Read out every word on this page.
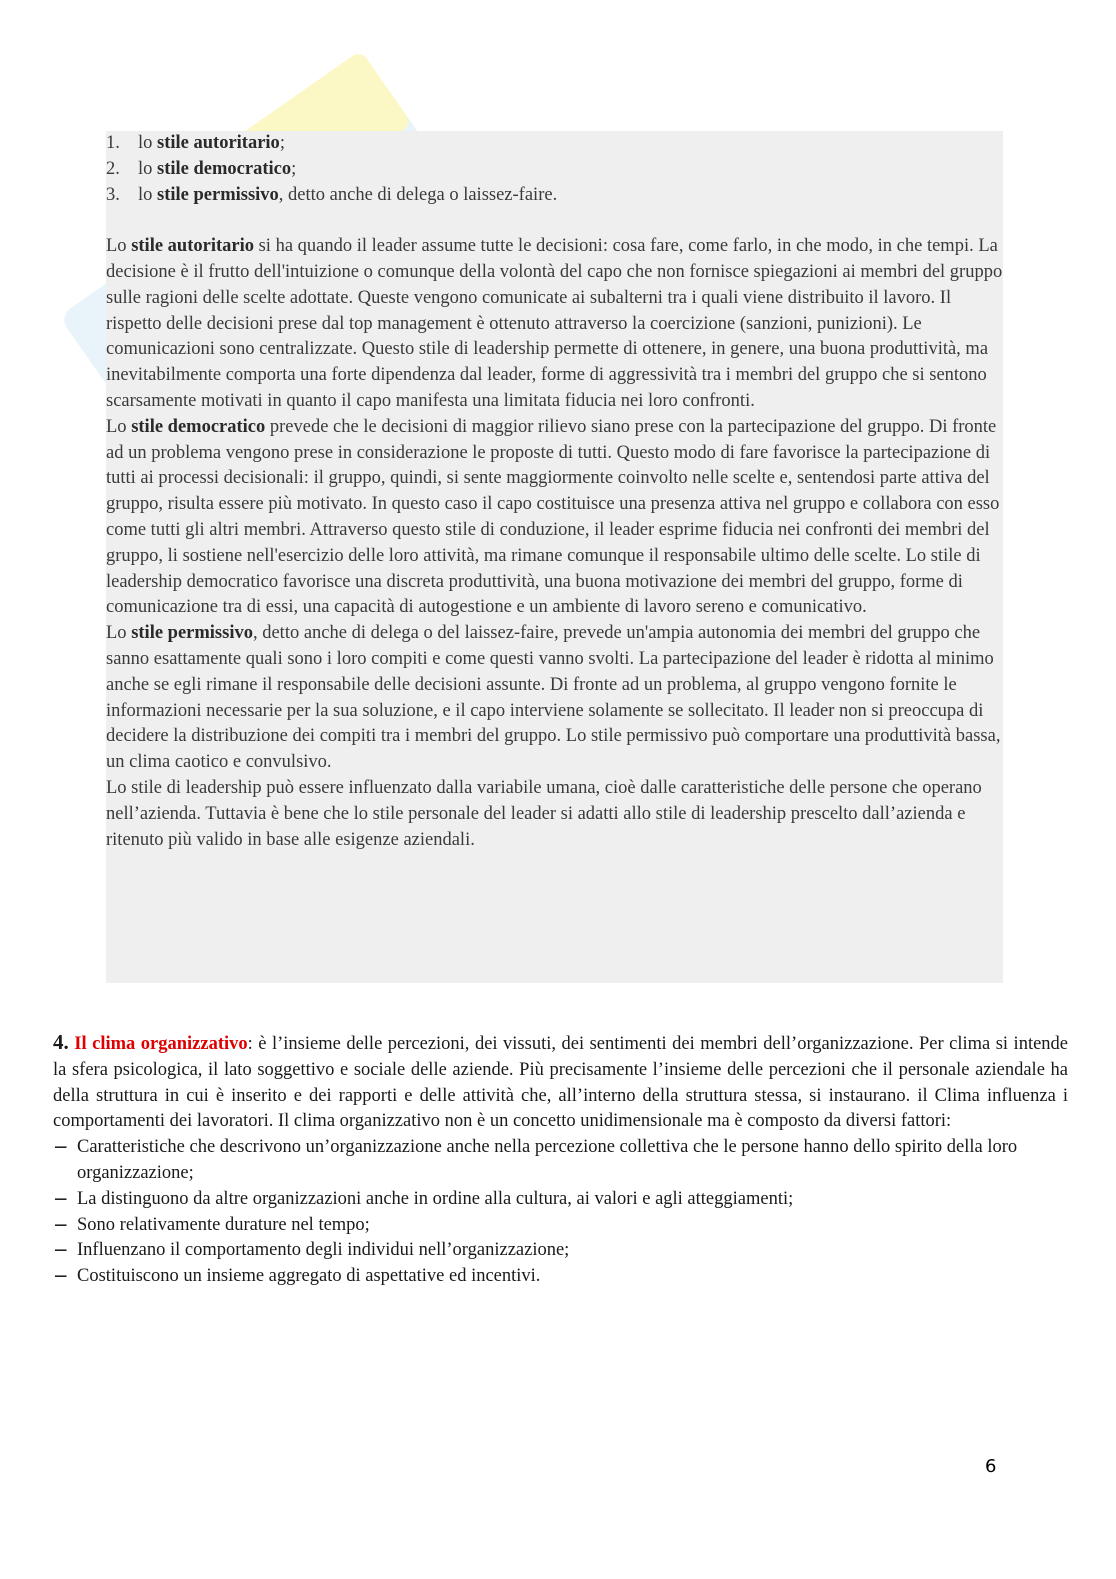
1. lo stile autoritario;
2. lo stile democratico;
3. lo stile permissivo, detto anche di delega o laissez-faire.

Lo stile autoritario si ha quando il leader assume tutte le decisioni: cosa fare, come farlo, in che modo, in che tempi. La decisione è il frutto dell'intuizione o comunque della volontà del capo che non fornisce spiegazioni ai membri del gruppo sulle ragioni delle scelte adottate. Queste vengono comunicate ai subalterni tra i quali viene distribuito il lavoro. Il rispetto delle decisioni prese dal top management è ottenuto attraverso la coercizione (sanzioni, punizioni). Le comunicazioni sono centralizzate. Questo stile di leadership permette di ottenere, in genere, una buona produttività, ma inevitabilmente comporta una forte dipendenza dal leader, forme di aggressività tra i membri del gruppo che si sentono scarsamente motivati in quanto il capo manifesta una limitata fiducia nei loro confronti.

Lo stile democratico prevede che le decisioni di maggior rilievo siano prese con la partecipazione del gruppo. Di fronte ad un problema vengono prese in considerazione le proposte di tutti. Questo modo di fare favorisce la partecipazione di tutti ai processi decisionali: il gruppo, quindi, si sente maggiormente coinvolto nelle scelte e, sentendosi parte attiva del gruppo, risulta essere più motivato. In questo caso il capo costituisce una presenza attiva nel gruppo e collabora con esso come tutti gli altri membri. Attraverso questo stile di conduzione, il leader esprime fiducia nei confronti dei membri del gruppo, li sostiene nell'esercizio delle loro attività, ma rimane comunque il responsabile ultimo delle scelte. Lo stile di leadership democratico favorisce una discreta produttività, una buona motivazione dei membri del gruppo, forme di comunicazione tra di essi, una capacità di autogestione e un ambiente di lavoro sereno e comunicativo.

Lo stile permissivo, detto anche di delega o del laissez-faire, prevede un'ampia autonomia dei membri del gruppo che sanno esattamente quali sono i loro compiti e come questi vanno svolti. La partecipazione del leader è ridotta al minimo anche se egli rimane il responsabile delle decisioni assunte. Di fronte ad un problema, al gruppo vengono fornite le informazioni necessarie per la sua soluzione, e il capo interviene solamente se sollecitato. Il leader non si preoccupa di decidere la distribuzione dei compiti tra i membri del gruppo. Lo stile permissivo può comportare una produttività bassa, un clima caotico e convulsivo.

Lo stile di leadership può essere influenzato dalla variabile umana, cioè dalle caratteristiche delle persone che operano nell’azienda. Tuttavia è bene che lo stile personale del leader si adatti allo stile di leadership prescelto dall’azienda e ritenuto più valido in base alle esigenze aziendali.

4. Il clima organizzativo: è l’insieme delle percezioni, dei vissuti, dei sentimenti dei membri dell’organizzazione. Per clima si intende la sfera psicologica, il lato soggettivo e sociale delle aziende. Più precisamente l’insieme delle percezioni che il personale aziendale ha della struttura in cui è inserito e dei rapporti e delle attività che, all’interno della struttura stessa, si instaurano. il Clima influenza i comportamenti dei lavoratori. Il clima organizzativo non è un concetto unidimensionale ma è composto da diversi fattori:

− Caratteristiche che descrivono un’organizzazione anche nella percezione collettiva che le persone hanno dello spirito della loro organizzazione;
− La distinguono da altre organizzazioni anche in ordine alla cultura, ai valori e agli atteggiamenti;
− Sono relativamente durature nel tempo;
− Influenzano il comportamento degli individui nell’organizzazione;
− Costituiscono un insieme aggregato di aspettative ed incentivi.
6
